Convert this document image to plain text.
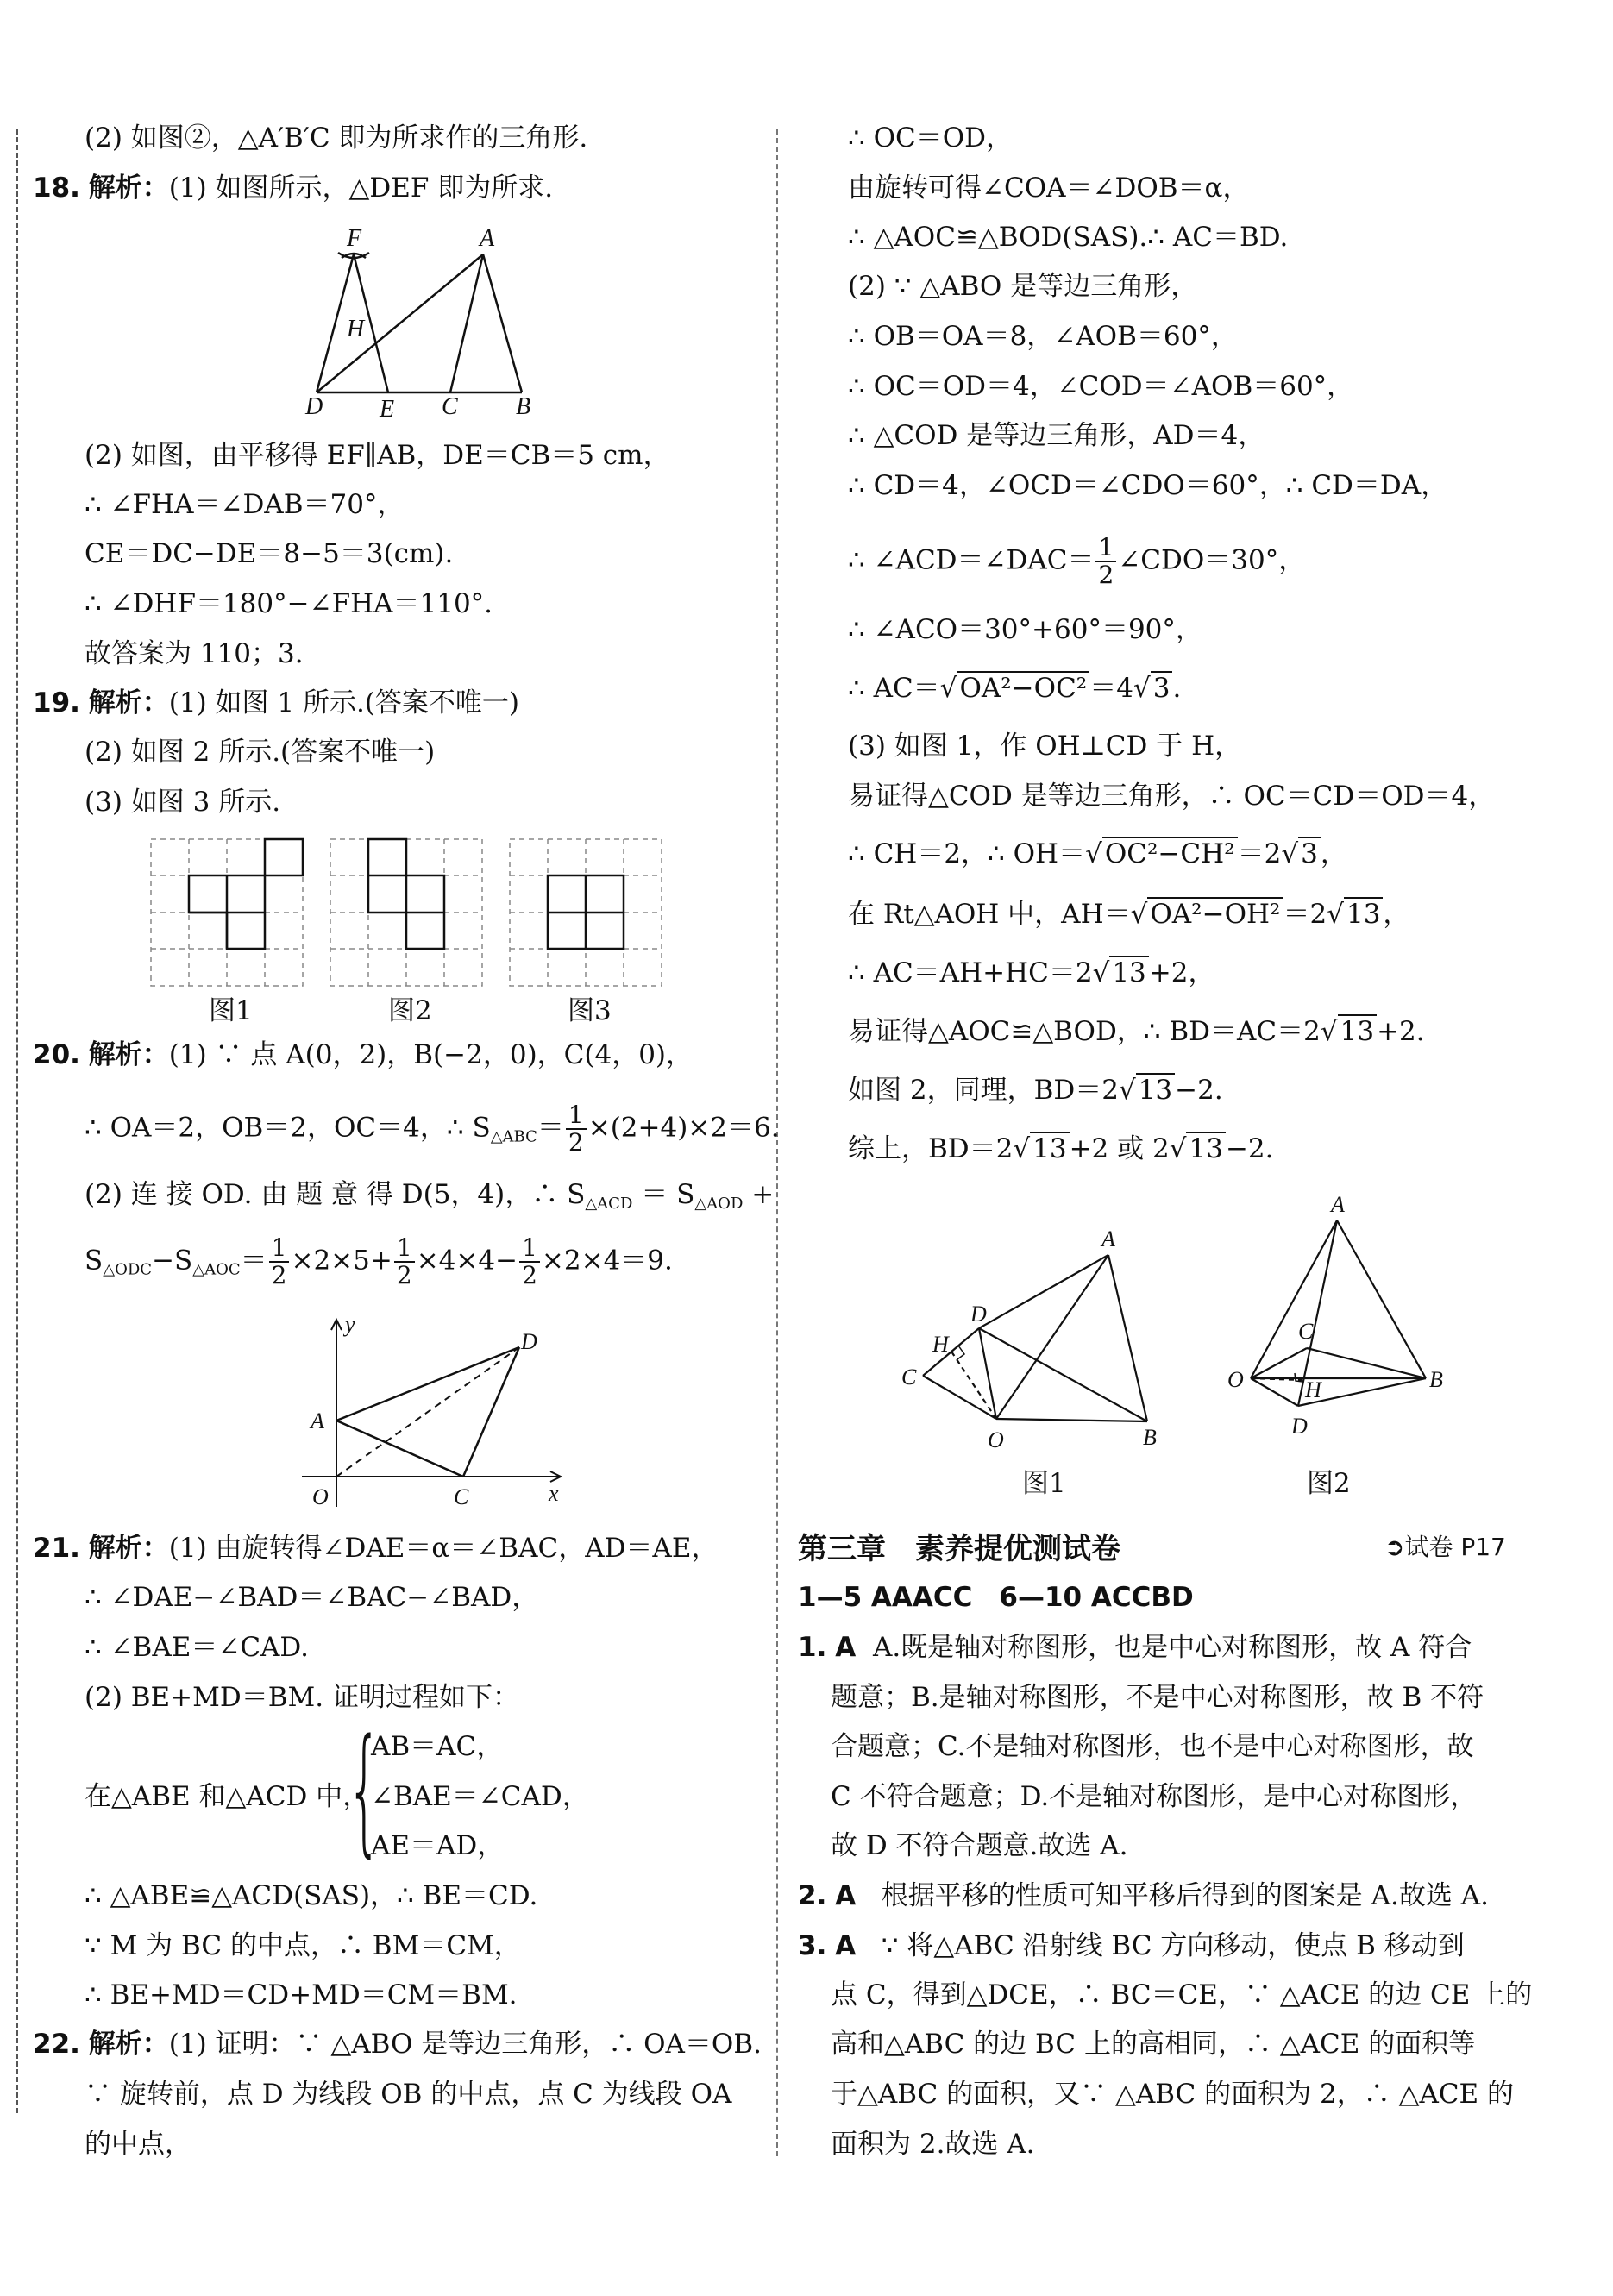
(2) 如图②，△A′B′C 即为所求作的三角形.
18. 解析：(1) 如图所示，△DEF 即为所求.
F	A
H
D E C B
(2) 如图，由平移得 EF∥AB，DE＝CB＝5 cm，
∴ ∠FHA＝∠DAB＝70°，
CE＝DC−DE＝8−5＝3(cm).
∴ ∠DHF＝180°−∠FHA＝110°.
故答案为 110；3.
19. 解析：(1) 如图 1 所示.(答案不唯一)
(2) 如图 2 所示.(答案不唯一)
(3) 如图 3 所示.
图1	图2	图3
20. 解析：(1) ∵ 点 A(0，2)，B(−2，0)，C(4，0)，
∴ OA＝2，OB＝2，OC＝4，∴ $S_{\triangle ABC}= \frac{1}{2} \times(2+4)\times 2=6$.
(2) 连 接 OD. 由 题 意 得 D(5，4)，∴ $S_{\triangle ACD} = S_{\triangle AOD}$ +
$S_{\triangle ODC}-S_{\triangle AOC}= \frac{1}{2} \times 2\times 5+ \frac{1}{2} \times 4\times 4- \frac{1}{2} \times 2\times 4=9$.
y
D
A
O	C	x
21. 解析：(1) 由旋转得∠DAE＝α＝∠BAC，AD＝AE，
∴ ∠DAE−∠BAD＝∠BAC−∠BAD，
∴ ∠BAE＝∠CAD.
(2) BE+MD＝BM. 证明过程如下：
在△ABE 和△ACD 中，
{
AB＝AC，
∠BAE＝∠CAD，
AE＝AD，
∴ △ABE≌△ACD(SAS)，∴ BE＝CD.
∵ M 为 BC 的中点，∴ BM＝CM，
∴ BE+MD＝CD+MD＝CM＝BM.
22. 解析：(1) 证明：∵ △ABO 是等边三角形，∴ OA＝OB.
∵ 旋转前，点 D 为线段 OB 的中点，点 C 为线段 OA
的中点，
∴ OC＝OD，
由旋转可得∠COA＝∠DOB＝α，
∴ △AOC≌△BOD(SAS).∴ AC＝BD.
(2) ∵ △ABO 是等边三角形，
∴ OB＝OA＝8，∠AOB＝60°，
∴ OC＝OD＝4，∠COD＝∠AOB＝60°，
∴ △COD 是等边三角形，AD＝4，
∴ CD＝4，∠OCD＝∠CDO＝60°，∴ CD＝DA，
∴ ∠ACD＝∠DAC＝ $\frac{1}{2}$ ∠CDO＝30°，
∴ ∠ACO＝30°+60°＝90°，
∴ AC＝√OA²−OC²＝4√3.
(3) 如图 1，作 OH⊥CD 于 H，
易证得△COD 是等边三角形，∴ OC＝CD＝OD＝4，
∴ CH＝2，∴ OH＝√OC²−CH²＝2√3，
在 Rt△AOH 中，AH＝√OA²−OH²＝2√13，
∴ AC＝AH+HC＝2√13+2，
易证得△AOC≌△BOD，∴ BD＝AC＝2√13+2.
如图 2，同理，BD＝2√13−2.
综上，BD＝2√13+2 或 2√13−2.
A
D
H
C
O	B
图1
A
C
O	H	B
D
图2
第三章　素养提优测试卷	➲试卷 P17
1—5 AAACC　6—10 ACCBD
1. A A.既是轴对称图形，也是中心对称图形，故 A 符合
题意；B.是轴对称图形，不是中心对称图形，故 B 不符
合题意；C.不是轴对称图形，也不是中心对称图形，故
C 不符合题意；D.不是轴对称图形，是中心对称图形，
故 D 不符合题意.故选 A.
2. A 根据平移的性质可知平移后得到的图案是 A.故选 A.
3. A ∵ 将△ABC 沿射线 BC 方向移动，使点 B 移动到
点 C，得到△DCE，∴ BC＝CE，∵ △ACE 的边 CE 上的
高和△ABC 的边 BC 上的高相同，∴ △ACE 的面积等
于△ABC 的面积，又∵ △ABC 的面积为 2，∴ △ACE 的
面积为 2.故选 A.
